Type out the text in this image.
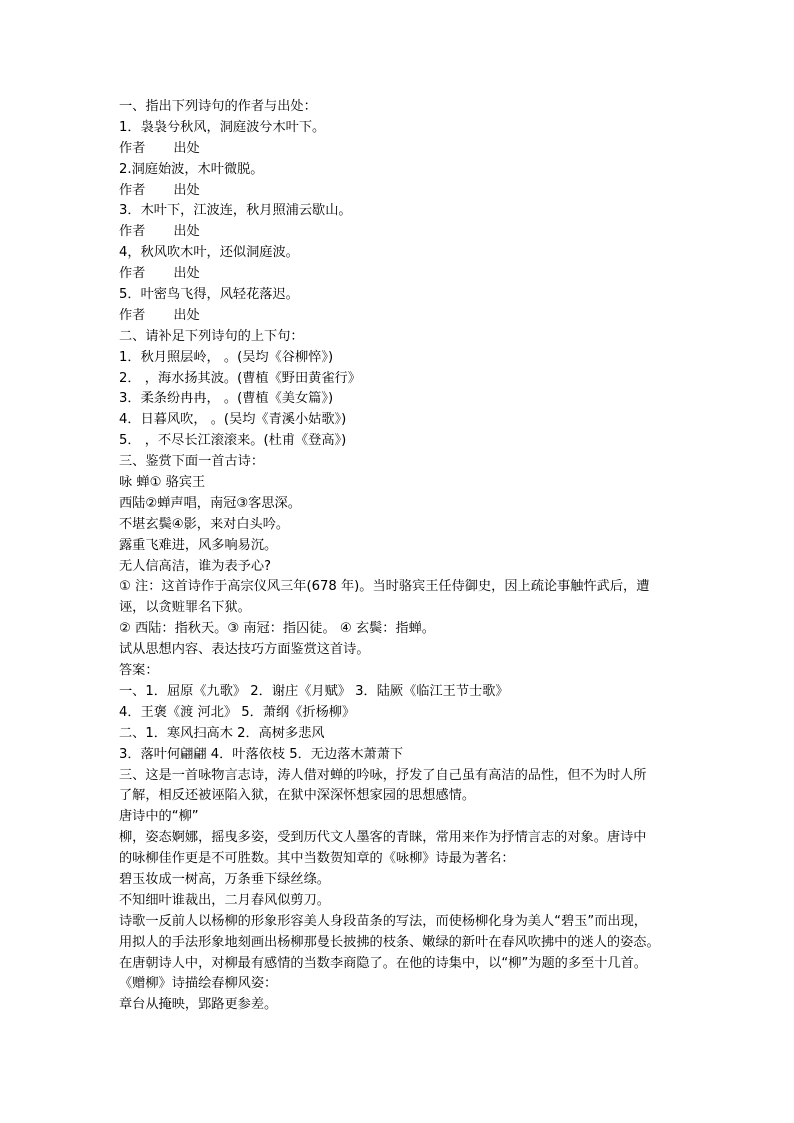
一、指出下列诗句的作者与出处：
1．袅袅兮秋风，洞庭波兮木叶下。
作者 出处
2.洞庭始波，木叶微脱。
作者 出处
3．木叶下，江波连，秋月照浦云歇山。
作者 出处
4，秋风吹木叶，还似洞庭波。
作者 出处
5．叶密鸟飞得，风轻花落迟。
作者 出处
二、请补足下列诗句的上下句：
1．秋月照层岭， 。(吴均《谷柳悴》)
2． ，海水扬其波。(曹植《野田黄雀行》
3．柔条纷冉冉， 。(曹植《美女篇》)
4．日暮风吹， 。(吴均《青溪小姑歌》)
5． ，不尽长江滚滚来。(杜甫《登高》)
三、鉴赏下面一首古诗：
咏 蝉① 骆宾王
西陆②蝉声唱，南冠③客思深。
不堪玄鬓④影，来对白头吟。
露重飞难进，风多响易沉。
无人信高洁，谁为表予心?
① 注：这首诗作于高宗仪风三年(678 年)。当时骆宾王任侍御史，因上疏论事触忤武后，遭
诬，以贪赃罪名下狱。
② 西陆：指秋天。③ 南冠：指囚徒。 ④ 玄鬓：指蝉。
试从思想内容、表达技巧方面鉴赏这首诗。
答案：
一、1．屈原《九歌》 2．谢庄《月赋》 3．陆厥《临江王节士歌》
4．王褒《渡 河北》 5．萧纲《折杨柳》
二、1．寒风扫高木 2．高树多悲风
3．落叶何翩翩 4．叶落依枝 5．无边落木萧萧下
三、这是一首咏物言志诗，涛人借对蝉的吟咏，抒发了自己虽有高洁的品性，但不为时人所
了解，相反还被诬陷入狱，在狱中深深怀想家园的思想感情。
唐诗中的“柳”
柳，姿态婀娜，摇曳多姿，受到历代文人墨客的青睐，常用来作为抒情言志的对象。唐诗中
的咏柳佳作更是不可胜数。其中当数贺知章的《咏柳》诗最为著名：
碧玉妆成一树高，万条垂下绿丝绦。
不知细叶谁裁出，二月春风似剪刀。
诗歌一反前人以杨柳的形象形容美人身段苗条的写法，而使杨柳化身为美人“碧玉”而出现，
用拟人的手法形象地刻画出杨柳那曼长披拂的枝条、嫩绿的新叶在春风吹拂中的迷人的姿态。
在唐朝诗人中，对柳最有感情的当数李商隐了。在他的诗集中，以“柳”为题的多至十几首。
《赠柳》诗描绘春柳风姿：
章台从掩映，郢路更参差。
